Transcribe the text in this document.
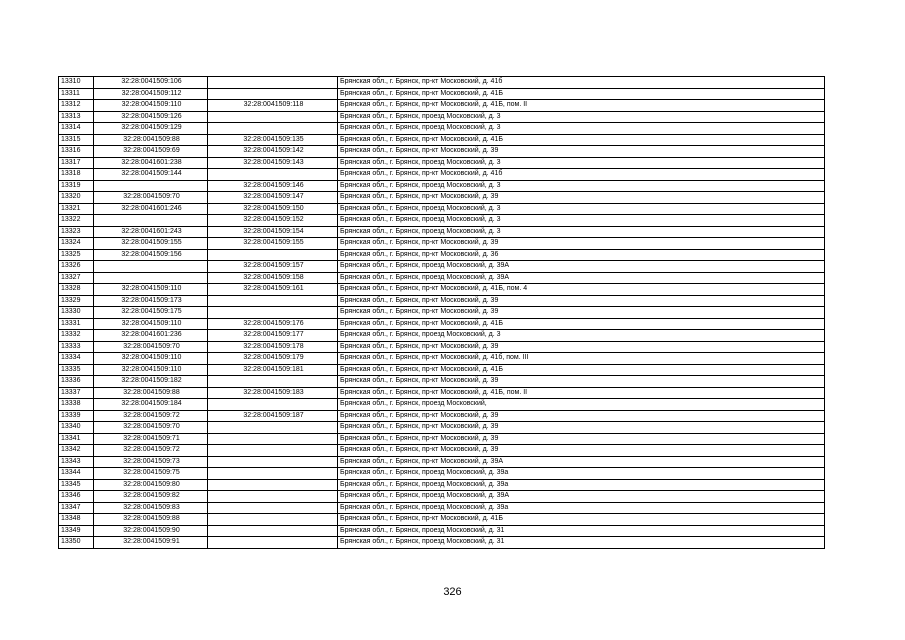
13310	32:28:0041509:106		Брянская обл., г. Брянск, пр-кт Московский, д. 41б
13311	32:28:0041509:112		Брянская обл., г. Брянск, пр-кт Московский, д. 41Б
13312	32:28:0041509:110	32:28:0041509:118	Брянская обл., г. Брянск, пр-кт Московский, д. 41Б, пом. II
13313	32:28:0041509:126		Брянская обл., г. Брянск, проезд Московский, д. 3
13314	32:28:0041509:129		Брянская обл., г. Брянск, проезд Московский, д. 3
13315	32:28:0041509:88	32:28:0041509:135	Брянская обл., г. Брянск, пр-кт Московский, д. 41Б
13316	32:28:0041509:69	32:28:0041509:142	Брянская обл., г. Брянск, пр-кт Московский, д. 39
13317	32:28:0041601:238	32:28:0041509:143	Брянская обл., г. Брянск, проезд Московский, д. 3
13318	32:28:0041509:144		Брянская обл., г. Брянск, пр-кт Московский, д. 41б
13319		32:28:0041509:146	Брянская обл., г. Брянск, проезд Московский, д. 3
13320	32:28:0041509:70	32:28:0041509:147	Брянская обл., г. Брянск, пр-кт Московский, д. 39
13321	32:28:0041601:246	32:28:0041509:150	Брянская обл., г. Брянск, проезд Московский, д. 3
13322		32:28:0041509:152	Брянская обл., г. Брянск, проезд Московский, д. 3
13323	32:28:0041601:243	32:28:0041509:154	Брянская обл., г. Брянск, проезд Московский, д. 3
13324	32:28:0041509:155	32:28:0041509:155	Брянская обл., г. Брянск, пр-кт Московский, д. 39
13325	32:28:0041509:156		Брянская обл., г. Брянск, пр-кт Московский, д. 36
13326		32:28:0041509:157	Брянская обл., г. Брянск, проезд Московский, д. 39А
13327		32:28:0041509:158	Брянская обл., г. Брянск, проезд Московский, д. 39А
13328	32:28:0041509:110	32:28:0041509:161	Брянская обл., г. Брянск, пр-кт Московский, д. 41Б, пом. 4
13329	32:28:0041509:173		Брянская обл., г. Брянск, пр-кт Московский, д. 39
13330	32:28:0041509:175		Брянская обл., г. Брянск, пр-кт Московский, д. 39
13331	32:28:0041509:110	32:28:0041509:176	Брянская обл., г. Брянск, пр-кт Московский, д. 41Б
13332	32:28:0041601:236	32:28:0041509:177	Брянская обл., г. Брянск, проезд Московский, д. 3
13333	32:28:0041509:70	32:28:0041509:178	Брянская обл., г. Брянск, пр-кт Московский, д. 39
13334	32:28:0041509:110	32:28:0041509:179	Брянская обл., г. Брянск, пр-кт Московский, д. 41б, пом. III
13335	32:28:0041509:110	32:28:0041509:181	Брянская обл., г. Брянск, пр-кт Московский, д. 41Б
13336	32:28:0041509:182		Брянская обл., г. Брянск, пр-кт Московский, д. 39
13337	32:28:0041509:88	32:28:0041509:183	Брянская обл., г. Брянск, пр-кт Московский, д. 41Б, пом. II
13338	32:28:0041509:184		Брянская обл., г. Брянск, проезд Московский,
13339	32:28:0041509:72	32:28:0041509:187	Брянская обл., г. Брянск, пр-кт Московский, д. 39
13340	32:28:0041509:70		Брянская обл., г. Брянск, пр-кт Московский, д. 39
13341	32:28:0041509:71		Брянская обл., г. Брянск, пр-кт Московский, д. 39
13342	32:28:0041509:72		Брянская обл., г. Брянск, пр-кт Московский, д. 39
13343	32:28:0041509:73		Брянская обл., г. Брянск, пр-кт Московский, д. 39А
13344	32:28:0041509:75		Брянская обл., г. Брянск, проезд Московский, д. 39а
13345	32:28:0041509:80		Брянская обл., г. Брянск, проезд Московский, д. 39а
13346	32:28:0041509:82		Брянская обл., г. Брянск, проезд Московский, д. 39А
13347	32:28:0041509:83		Брянская обл., г. Брянск, проезд Московский, д. 39а
13348	32:28:0041509:88		Брянская обл., г. Брянск, пр-кт Московский, д. 41Б
13349	32:28:0041509:90		Брянская обл., г. Брянск, проезд Московский, д. 31
13350	32:28:0041509:91		Брянская обл., г. Брянск, проезд Московский, д. 31
326
